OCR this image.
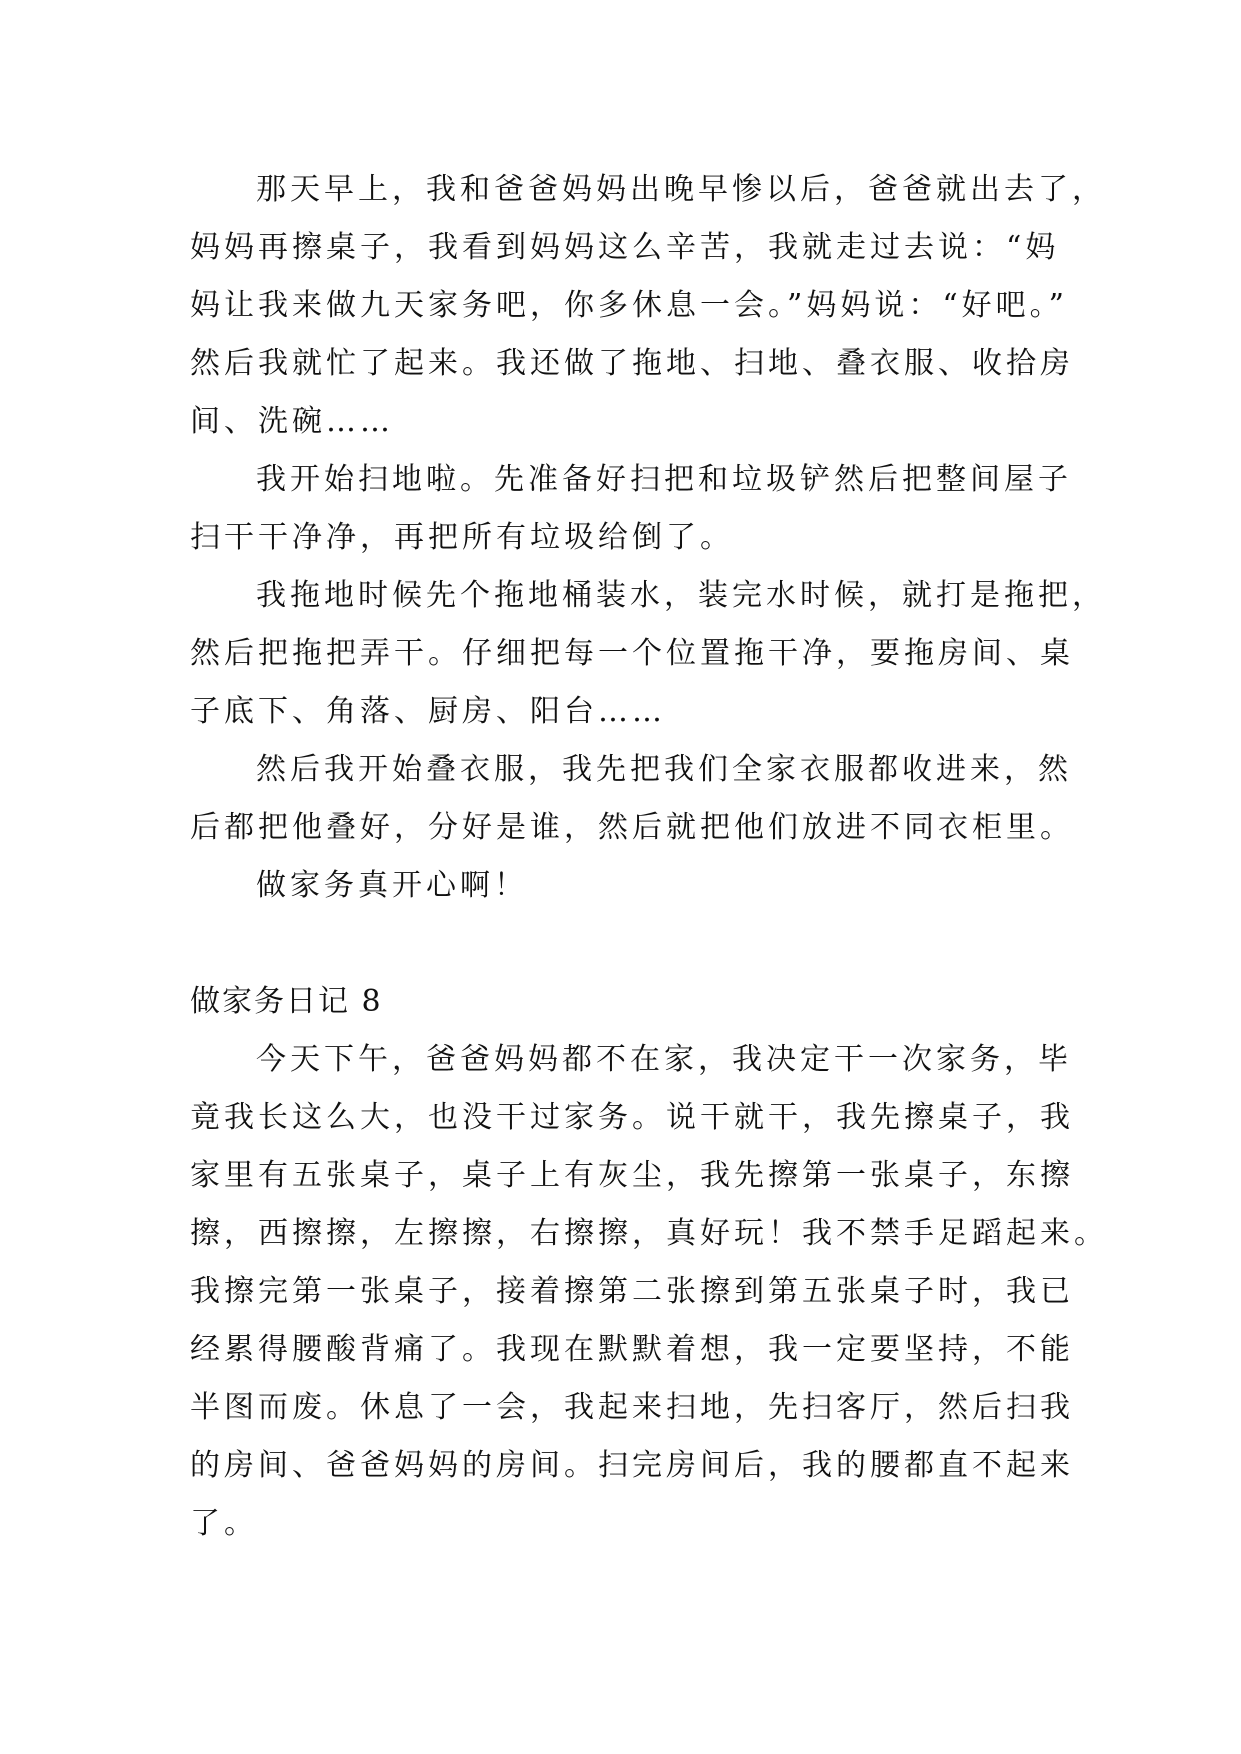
那天早上，我和爸爸妈妈出晚早惨以后，爸爸就出去了，
妈妈再擦桌子，我看到妈妈这么辛苦，我就走过去说：“妈
妈让我来做九天家务吧，你多休息一会。”妈妈说：“好吧。”
然后我就忙了起来。我还做了拖地、扫地、叠衣服、收拾房
间、洗碗……
我开始扫地啦。先准备好扫把和垃圾铲然后把整间屋子
扫干干净净，再把所有垃圾给倒了。
我拖地时候先个拖地桶装水，装完水时候，就打是拖把，
然后把拖把弄干。仔细把每一个位置拖干净，要拖房间、桌
子底下、角落、厨房、阳台……
然后我开始叠衣服，我先把我们全家衣服都收进来，然
后都把他叠好，分好是谁，然后就把他们放进不同衣柜里。
做家务真开心啊！
做家务日记 8
今天下午，爸爸妈妈都不在家，我决定干一次家务，毕
竟我长这么大，也没干过家务。说干就干，我先擦桌子，我
家里有五张桌子，桌子上有灰尘，我先擦第一张桌子，东擦
擦，西擦擦，左擦擦，右擦擦，真好玩！我不禁手足蹈起来。
我擦完第一张桌子，接着擦第二张擦到第五张桌子时，我已
经累得腰酸背痛了。我现在默默着想，我一定要坚持，不能
半图而废。休息了一会，我起来扫地，先扫客厅，然后扫我
的房间、爸爸妈妈的房间。扫完房间后，我的腰都直不起来
了。
